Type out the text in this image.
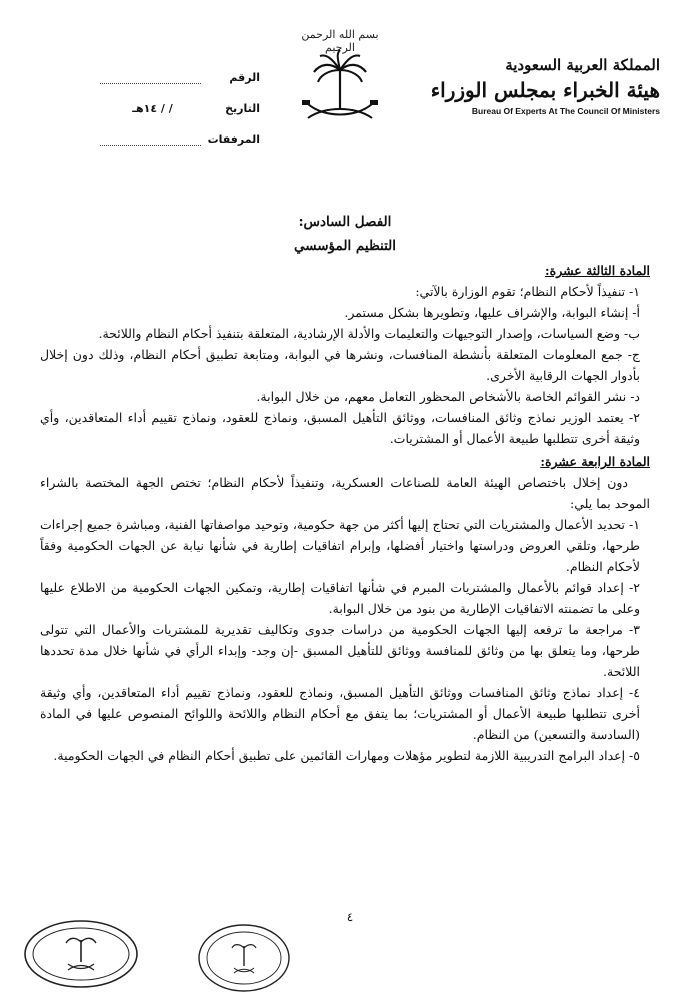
بسم الله الرحمن الرحيم
الرقم
التاريخ
/ / ١٤هـ
المرفقات
المملكة العربية السعودية
هيئة الخبراء بمجلس الوزراء
Bureau Of Experts At The Council Of Ministers
الفصل السادس:
التنظيم المؤسسي
المادة الثالثة عشرة:

١- تنفيذاً لأحكام النظام؛ تقوم الوزارة بالآتي:

أ- إنشاء البوابة، والإشراف عليها، وتطويرها بشكل مستمر.

ب- وضع السياسات، وإصدار التوجيهات والتعليمات والأدلة الإرشادية، المتعلقة بتنفيذ أحكام النظام واللائحة.

ج- جمع المعلومات المتعلقة بأنشطة المنافسات، ونشرها في البوابة، ومتابعة تطبيق أحكام النظام، وذلك دون إخلال بأدوار الجهات الرقابية الأخرى.

د- نشر القوائم الخاصة بالأشخاص المحظور التعامل معهم، من خلال البوابة.

٢- يعتمد الوزير نماذج وثائق المنافسات، ووثائق التأهيل المسبق، ونماذج للعقود، ونماذج تقييم أداء المتعاقدين، وأي وثيقة أخرى تتطلبها طبيعة الأعمال أو المشتريات.

المادة الرابعة عشرة:

دون إخلال باختصاص الهيئة العامة للصناعات العسكرية، وتنفيذاً لأحكام النظام؛ تختص الجهة المختصة بالشراء الموحد بما يلي:

١- تحديد الأعمال والمشتريات التي تحتاج إليها أكثر من جهة حكومية، وتوحيد مواصفاتها الفنية، ومباشرة جميع إجراءات طرحها، وتلقي العروض ودراستها واختيار أفضلها، وإبرام اتفاقيات إطارية في شأنها نيابة عن الجهات الحكومية وفقاً لأحكام النظام.

٢- إعداد قوائم بالأعمال والمشتريات المبرم في شأنها اتفاقيات إطارية، وتمكين الجهات الحكومية من الاطلاع عليها وعلى ما تضمنته الاتفاقيات الإطارية من بنود من خلال البوابة.

٣- مراجعة ما ترفعه إليها الجهات الحكومية من دراسات جدوى وتكاليف تقديرية للمشتريات والأعمال التي تتولى طرحها، وما يتعلق بها من وثائق للمنافسة ووثائق للتأهيل المسبق -إن وجد- وإبداء الرأي في شأنها خلال مدة تحددها اللائحة.

٤- إعداد نماذج وثائق المنافسات ووثائق التأهيل المسبق، ونماذج للعقود، ونماذج تقييم أداء المتعاقدين، وأي وثيقة أخرى تتطلبها طبيعة الأعمال أو المشتريات؛ بما يتفق مع أحكام النظام واللائحة واللوائح المنصوص عليها في المادة (السادسة والتسعين) من النظام.

٥- إعداد البرامج التدريبية اللازمة لتطوير مؤهلات ومهارات القائمين على تطبيق أحكام النظام في الجهات الحكومية.

٤
